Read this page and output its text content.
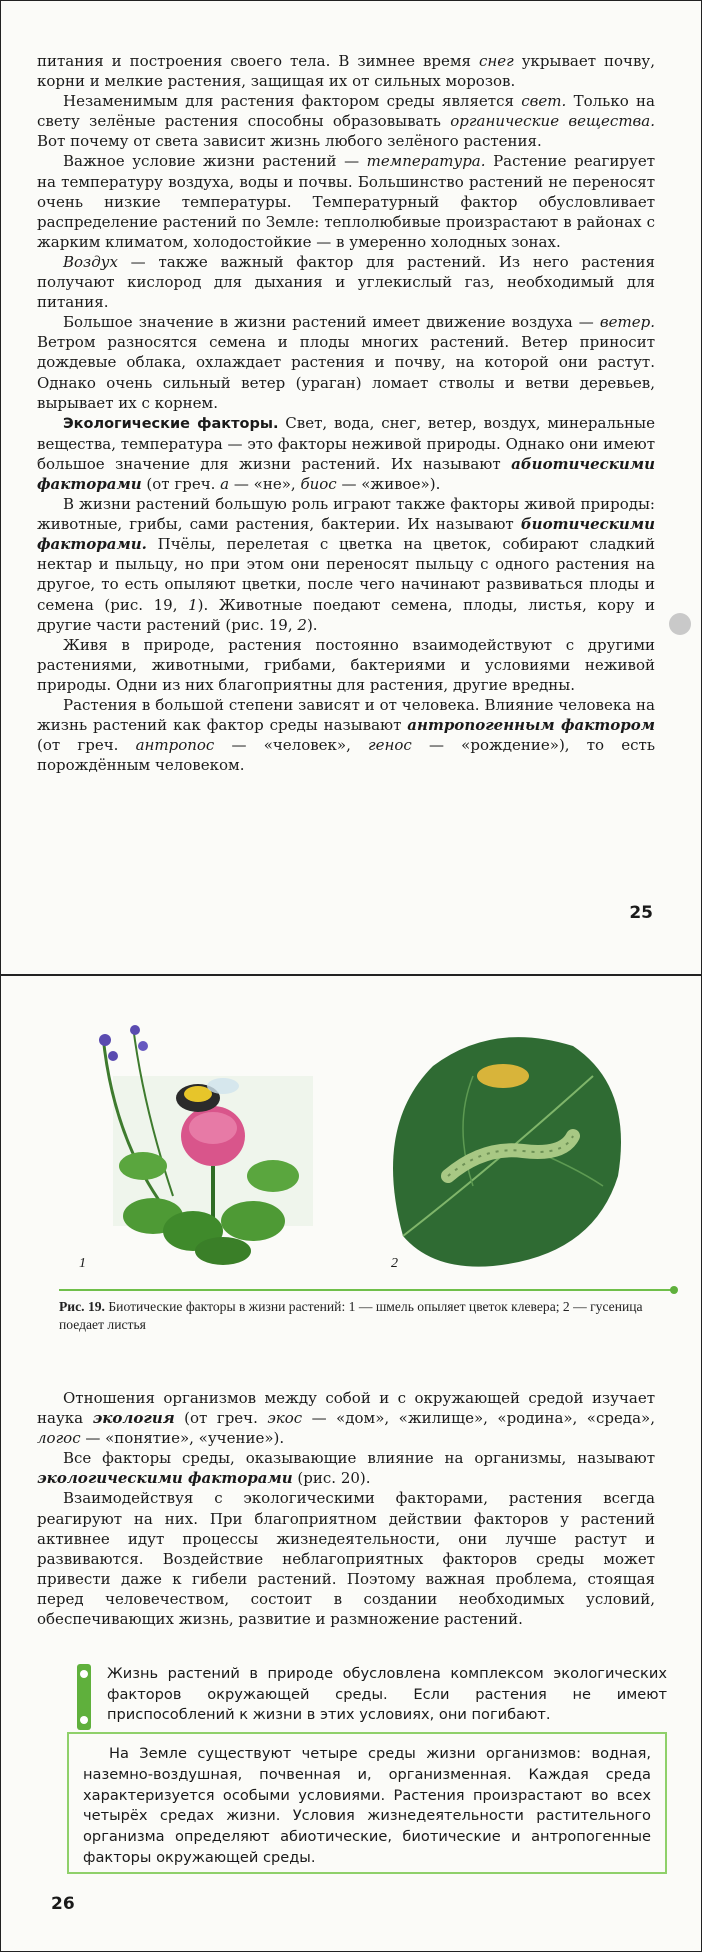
питания и построения своего тела. В зимнее время снег укрывает почву, корни и мелкие растения, защищая их от сильных морозов.

Незаменимым для растения фактором среды является свет. Только на свету зелёные растения способны образовывать органические вещества. Вот почему от света зависит жизнь любого зелёного растения.

Важное условие жизни растений — температура. Растение реагирует на температуру воздуха, воды и почвы. Большинство растений не переносят очень низкие температуры. Температурный фактор обусловливает распределение растений по Земле: теплолюбивые произрастают в районах с жарким климатом, холодостойкие — в умеренно холодных зонах.

Воздух — также важный фактор для растений. Из него растения получают кислород для дыхания и углекислый газ, необходимый для питания.

Большое значение в жизни растений имеет движение воздуха — ветер. Ветром разносятся семена и плоды многих растений. Ветер приносит дождевые облака, охлаждает растения и почву, на которой они растут. Однако очень сильный ветер (ураган) ломает стволы и ветви деревьев, вырывает их с корнем.

Экологические факторы. Свет, вода, снег, ветер, воздух, минеральные вещества, температура — это факторы неживой природы. Однако они имеют большое значение для жизни растений. Их называют абиотическими факторами (от греч. а — «не», биос — «живое»).

В жизни растений большую роль играют также факторы живой природы: животные, грибы, сами растения, бактерии. Их называют биотическими факторами. Пчёлы, перелетая с цветка на цветок, собирают сладкий нектар и пыльцу, но при этом они переносят пыльцу с одного растения на другое, то есть опыляют цветки, после чего начинают развиваться плоды и семена (рис. 19, 1). Животные поедают семена, плоды, листья, кору и другие части растений (рис. 19, 2).

Живя в природе, растения постоянно взаимодействуют с другими растениями, животными, грибами, бактериями и условиями неживой природы. Одни из них благоприятны для растения, другие вредны.

Растения в большой степени зависят и от человека. Влияние человека на жизнь растений как фактор среды называют антропогенным фактором (от греч. антропос — «человек», генос — «рождение»), то есть порождённым человеком.

25
1	2
Рис. 19. Биотические факторы в жизни растений: 1 — шмель опыляет цветок клевера; 2 — гусеница поедает листья

Отношения организмов между собой и с окружающей средой изучает наука экология (от греч. экос — «дом», «жилище», «родина», «среда», логос — «понятие», «учение»).

Все факторы среды, оказывающие влияние на организмы, называют экологическими факторами (рис. 20).

Взаимодействуя с экологическими факторами, растения всегда реагируют на них. При благоприятном действии факторов у растений активнее идут процессы жизнедеятельности, они лучше растут и развиваются. Воздействие неблагоприятных факторов среды может привести даже к гибели растений. Поэтому важная проблема, стоящая перед человечеством, состоит в создании необходимых условий, обеспечивающих жизнь, развитие и размножение растений.

Жизнь растений в природе обусловлена комплексом экологических факторов окружающей среды. Если растения не имеют приспособлений к жизни в этих условиях, они погибают.

На Земле существуют четыре среды жизни организмов: водная, наземно-воздушная, почвенная и, организменная. Каждая среда характеризуется особыми условиями. Растения произрастают во всех четырёх средах жизни. Условия жизнедеятельности растительного организма определяют абиотические, биотические и антропогенные факторы окружающей среды.

26
